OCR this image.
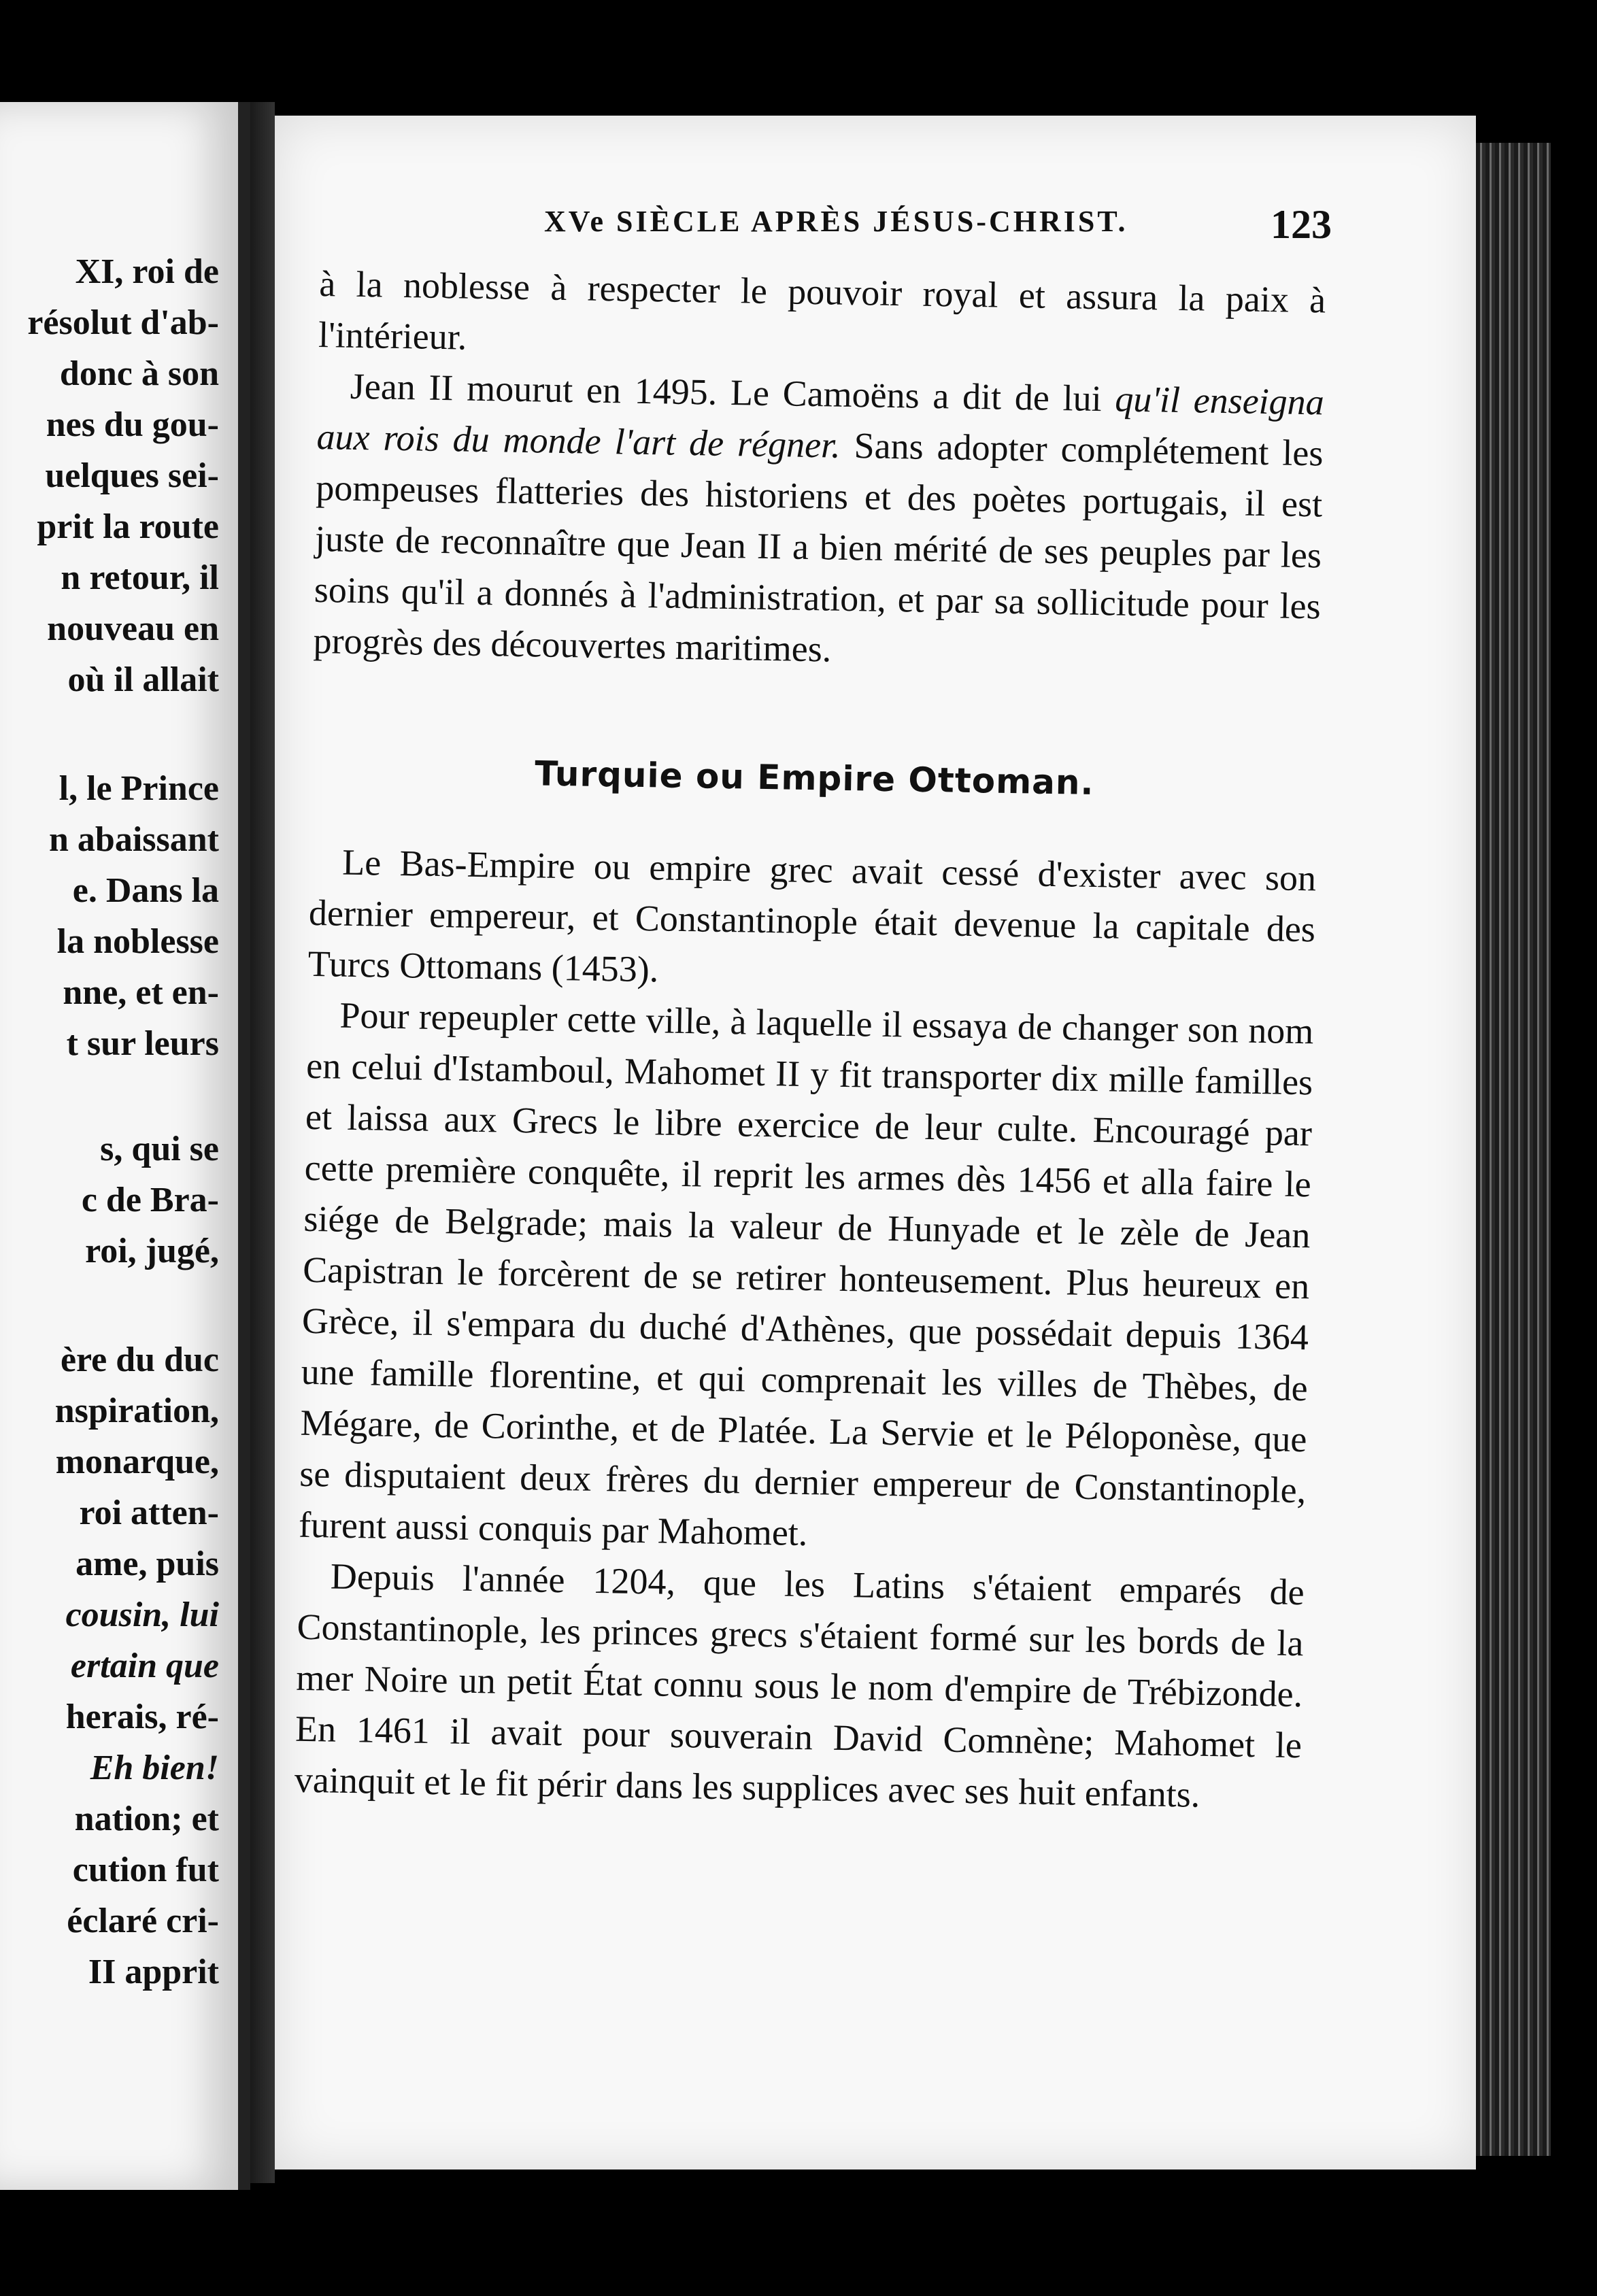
XI, roi de
résolut d'ab-
donc à son
nes du gou-
uelques sei-
prit la route
n retour, il
nouveau en
où il allait
l, le Prince
n abaissant
e. Dans la
la noblesse
nne, et en-
t sur leurs
s, qui se
c de Bra-
roi, jugé,
ère du duc
nspiration,
monarque,
roi atten-
ame, puis
cousin, lui
ertain que
herais, ré-
Eh bien!
nation; et
cution fut
éclaré cri-
II apprit
XVe SIÈCLE APRÈS JÉSUS-CHRIST.	123

à la noblesse à respecter le pouvoir royal et assura la paix à l'intérieur.

Jean II mourut en 1495. Le Camoëns a dit de lui qu'il enseigna aux rois du monde l'art de régner. Sans adopter complétement les pompeuses flatteries des historiens et des poètes portugais, il est juste de reconnaître que Jean II a bien mérité de ses peuples par les soins qu'il a donnés à l'administration, et par sa sollicitude pour les progrès des découvertes maritimes.

Turquie ou Empire Ottoman.

Le Bas-Empire ou empire grec avait cessé d'exister avec son dernier empereur, et Constantinople était devenue la capitale des Turcs Ottomans (1453).

Pour repeupler cette ville, à laquelle il essaya de changer son nom en celui d'Istamboul, Mahomet II y fit transporter dix mille familles et laissa aux Grecs le libre exercice de leur culte. Encouragé par cette première conquête, il reprit les armes dès 1456 et alla faire le siége de Belgrade; mais la valeur de Hunyade et le zèle de Jean Capistran le forcèrent de se retirer honteusement. Plus heureux en Grèce, il s'empara du duché d'Athènes, que possédait depuis 1364 une famille florentine, et qui comprenait les villes de Thèbes, de Mégare, de Corinthe, et de Platée. La Servie et le Péloponèse, que se disputaient deux frères du dernier empereur de Constantinople, furent aussi conquis par Mahomet.

Depuis l'année 1204, que les Latins s'étaient emparés de Constantinople, les princes grecs s'étaient formé sur les bords de la mer Noire un petit État connu sous le nom d'empire de Trébizonde. En 1461 il avait pour souverain David Comnène; Mahomet le vainquit et le fit périr dans les supplices avec ses huit enfants.
